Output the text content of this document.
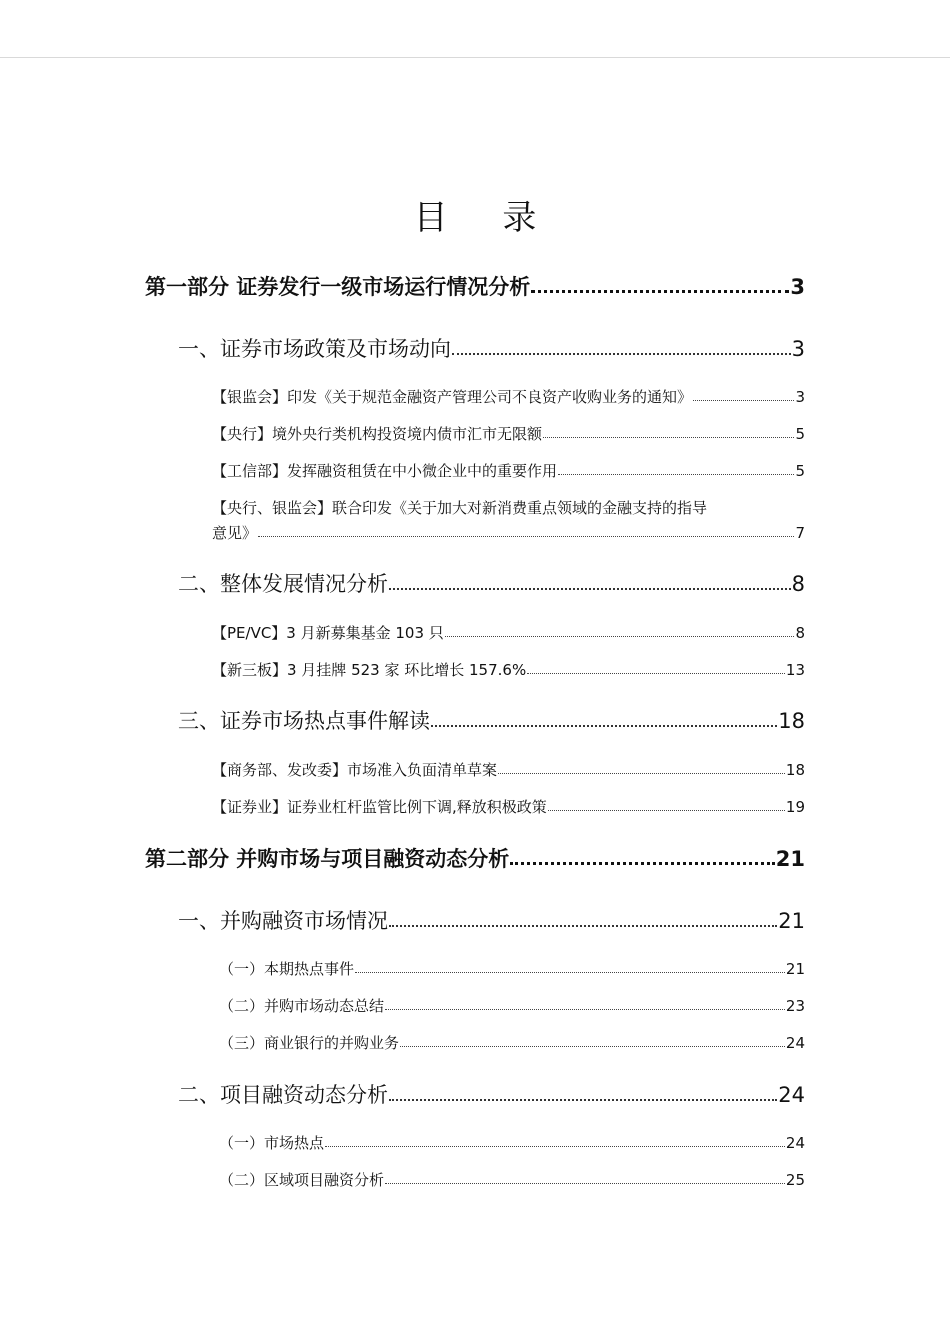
目 录
第一部分 证券发行一级市场运行情况分析	3
一、证券市场政策及市场动向	3
【银监会】印发《关于规范金融资产管理公司不良资产收购业务的通知》	3
【央行】境外央行类机构投资境内债市汇市无限额	5
【工信部】发挥融资租赁在中小微企业中的重要作用	5
【央行、银监会】联合印发《关于加大对新消费重点领域的金融支持的指导
意见》	7
二、整体发展情况分析	8
【PE/VC】3 月新募集基金 103 只	8
【新三板】3 月挂牌 523 家 环比增长 157.6%	13
三、证券市场热点事件解读	18
【商务部、发改委】市场准入负面清单草案	18
【证券业】证券业杠杆监管比例下调,释放积极政策	19
第二部分 并购市场与项目融资动态分析	21
一、并购融资市场情况	21
（一）本期热点事件	21
（二）并购市场动态总结	23
（三）商业银行的并购业务	24
二、项目融资动态分析	24
（一）市场热点	24
（二）区域项目融资分析	25
